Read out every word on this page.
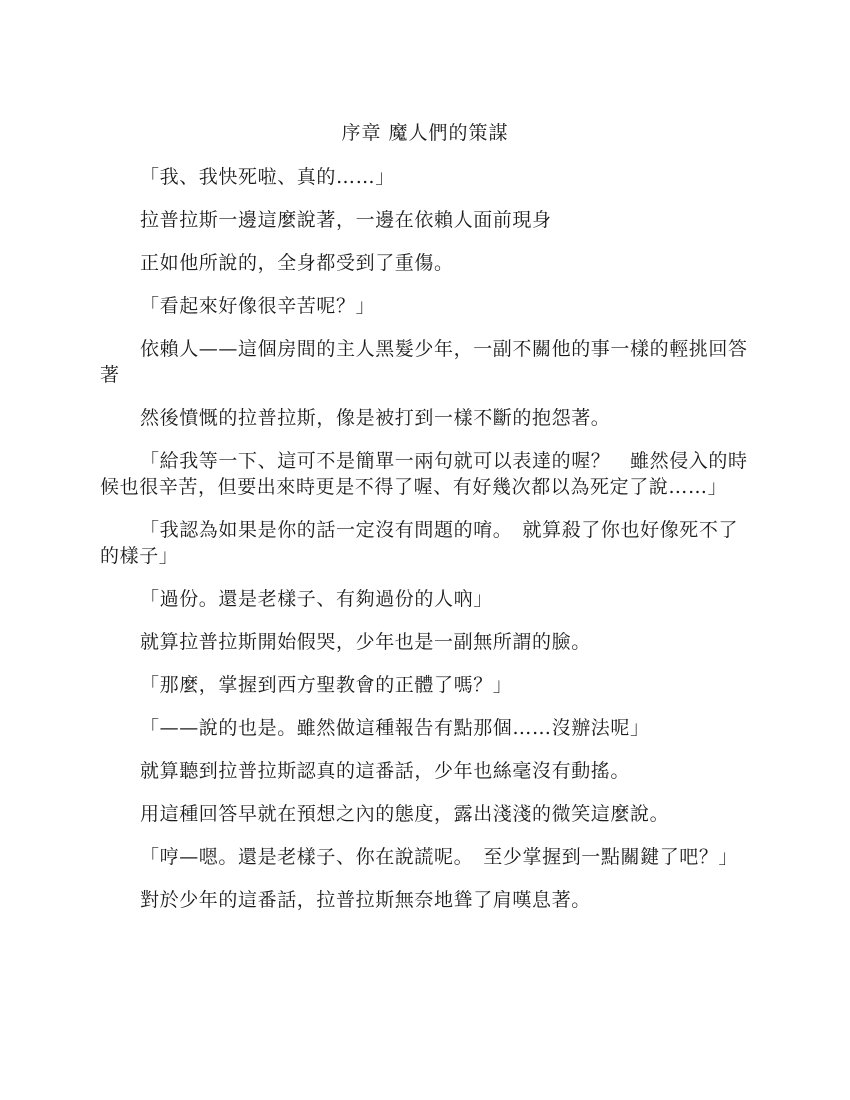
序章 魔人們的策謀

「我、我快死啦、真的……」

拉普拉斯一邊這麼說著，一邊在依賴人面前現身

正如他所說的，全身都受到了重傷。

「看起來好像很辛苦呢？」

依賴人——這個房間的主人黑髮少年，一副不關他的事一樣的輕挑回答著

然後憤慨的拉普拉斯，像是被打到一樣不斷的抱怨著。

「給我等一下、這可不是簡單一兩句就可以表達的喔？　雖然侵入的時候也很辛苦，但要出來時更是不得了喔、有好幾次都以為死定了說……」

「我認為如果是你的話一定沒有問題的唷。　就算殺了你也好像死不了的樣子」

「過份。還是老樣子、有夠過份的人吶」

就算拉普拉斯開始假哭，少年也是一副無所謂的臉。

「那麼，掌握到西方聖教會的正體了嗎？」

「——說的也是。雖然做這種報告有點那個……沒辦法呢」

就算聽到拉普拉斯認真的這番話，少年也絲毫沒有動搖。

用這種回答早就在預想之內的態度，露出淺淺的微笑這麼說。

「哼—嗯。還是老樣子、你在說謊呢。　至少掌握到一點關鍵了吧？」

對於少年的這番話，拉普拉斯無奈地聳了肩嘆息著。
